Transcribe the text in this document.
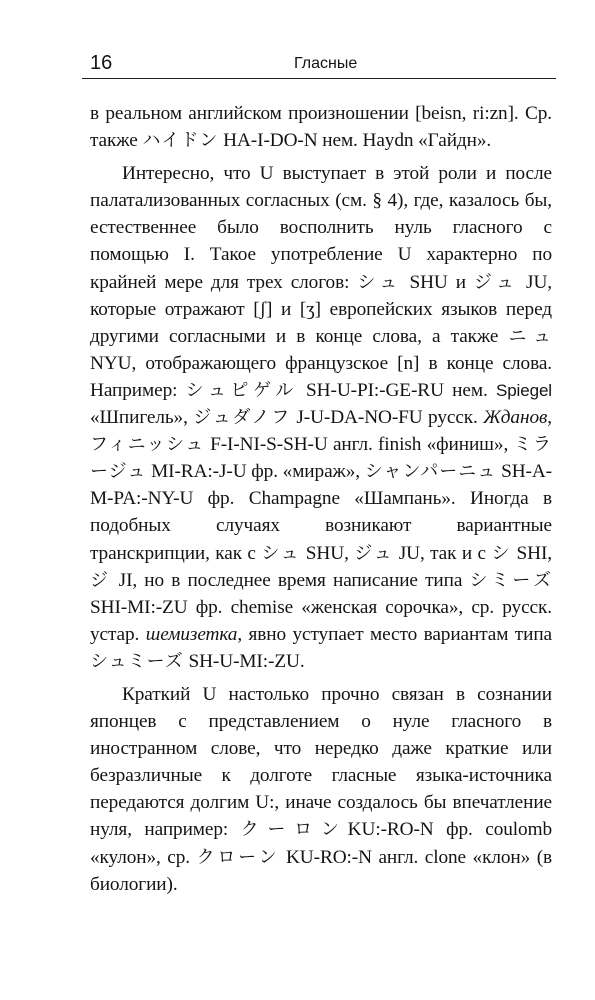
16	Гласные

в реальном английском произношении [beisn, ri:zn]. Ср. также ハイドン HA-I-DO-N нем. Haydn «Гайдн».

Интересно, что U выступает в этой роли и после палатализованных согласных (см. § 4), где, казалось бы, естественнее было восполнить нуль гласного с помощью I. Такое употребление U характерно по крайней мере для трех слогов: シュ SHU и ジュ JU, которые отражают [ʃ] и [ʒ] европейских языков перед другими согласными и в конце слова, а также ニュ NYU, отображающего французское [n] в конце слова. Например: シュピゲル SH-U-PI:-GE-RU нем. Spiegel «Шпигель», ジュダノフ J-U-DA-NO-FU русск. Жданов, フィニッシュ F-I-NI-S-SH-U англ. finish «финиш», ミラージュ MI-RA:-J-U фр. «мираж», シャンパーニュ SH-A-M-PA:-NY-U фр. Champagne «Шампань». Иногда в подобных случаях возникают вариантные транскрипции, как с シュ SHU, ジュ JU, так и с シ SHI, ジ JI, но в последнее время написание типа シミーズ SHI-MI:-ZU фр. chemise «женская сорочка», ср. русск. устар. шемизетка, явно уступает место вариантам типа シュミーズ SH-U-MI:-ZU.

Краткий U настолько прочно связан в сознании японцев с представлением о нуле гласного в иностранном слове, что нередко даже краткие или безразличные к долготе гласные языка-источника передаются долгим U:, иначе создалось бы впечатление нуля, например: クーロンKU:-RO-N фр. coulomb «кулон», ср. クローン KU-RO:-N англ. clone «клон» (в биологии).
